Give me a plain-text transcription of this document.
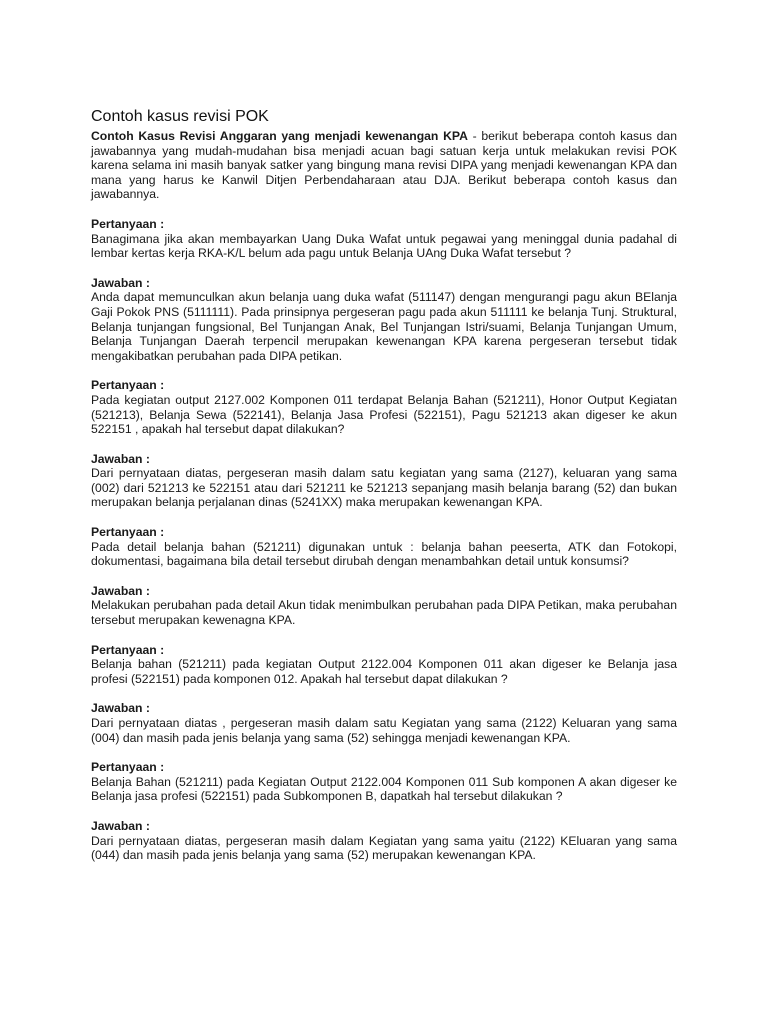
Contoh kasus revisi POK

Contoh Kasus Revisi Anggaran yang menjadi kewenangan KPA - berikut beberapa contoh kasus dan jawabannya yang mudah-mudahan bisa menjadi acuan bagi satuan kerja untuk melakukan revisi POK karena selama ini masih banyak satker yang bingung mana revisi DIPA yang menjadi kewenangan KPA dan mana yang harus ke Kanwil Ditjen Perbendaharaan atau DJA. Berikut beberapa contoh kasus dan jawabannya.

Pertanyaan :

Banagimana jika akan membayarkan Uang Duka Wafat untuk pegawai yang meninggal dunia padahal di lembar kertas kerja RKA-K/L belum ada pagu untuk Belanja UAng Duka Wafat tersebut ?

Jawaban :

Anda dapat memunculkan akun belanja uang duka wafat (511147) dengan mengurangi pagu akun BElanja Gaji Pokok PNS (5111111). Pada prinsipnya pergeseran pagu pada akun 511111 ke belanja Tunj. Struktural, Belanja tunjangan fungsional, Bel Tunjangan Anak, Bel Tunjangan Istri/suami, Belanja Tunjangan Umum, Belanja Tunjangan Daerah terpencil merupakan kewenangan KPA karena pergeseran tersebut tidak mengakibatkan perubahan pada DIPA petikan.

Pertanyaan :

Pada kegiatan output 2127.002 Komponen 011 terdapat Belanja Bahan (521211), Honor Output Kegiatan (521213), Belanja Sewa (522141), Belanja Jasa Profesi (522151), Pagu 521213 akan digeser ke akun 522151 , apakah hal tersebut dapat dilakukan?

Jawaban :

Dari pernyataan diatas, pergeseran masih dalam satu kegiatan yang sama (2127), keluaran yang sama (002) dari 521213 ke 522151 atau dari 521211 ke 521213 sepanjang masih belanja barang (52) dan bukan merupakan belanja perjalanan dinas (5241XX) maka merupakan kewenangan KPA.

Pertanyaan :

Pada detail belanja bahan (521211) digunakan untuk : belanja bahan peeserta, ATK dan Fotokopi, dokumentasi, bagaimana bila detail tersebut dirubah dengan menambahkan detail untuk konsumsi?

Jawaban :

Melakukan perubahan pada detail Akun tidak menimbulkan perubahan pada DIPA Petikan, maka perubahan tersebut merupakan kewenagna KPA.

Pertanyaan :

Belanja bahan (521211) pada kegiatan Output 2122.004 Komponen 011 akan digeser ke Belanja jasa profesi (522151) pada komponen 012. Apakah hal tersebut dapat dilakukan ?

Jawaban :

Dari pernyataan diatas , pergeseran masih dalam satu Kegiatan yang sama (2122) Keluaran yang sama (004) dan masih pada jenis belanja yang sama (52) sehingga menjadi kewenangan KPA.

Pertanyaan :

Belanja Bahan (521211) pada Kegiatan Output 2122.004 Komponen 011 Sub komponen A akan digeser ke Belanja jasa profesi (522151) pada Subkomponen B, dapatkah hal tersebut dilakukan ?

Jawaban :

Dari pernyataan diatas, pergeseran masih dalam Kegiatan yang sama yaitu (2122) KEluaran yang sama (044) dan masih pada jenis belanja yang sama (52) merupakan kewenangan KPA.
